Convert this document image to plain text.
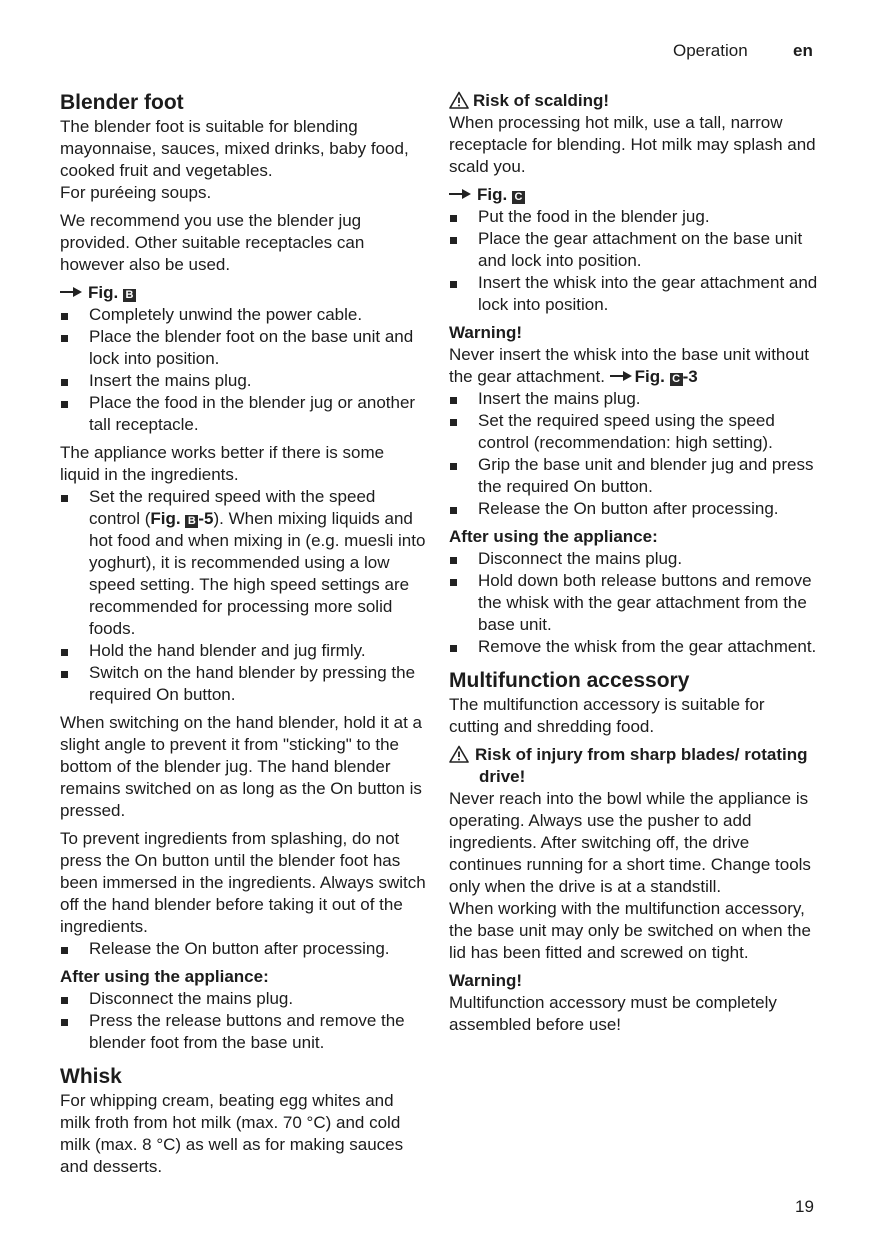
Operation	en
Blender foot

The blender foot is suitable for blending mayonnaise, sauces, mixed drinks, baby food, cooked fruit and vegetables.

For puréeing soups.

We recommend you use the blender jug provided. Other suitable receptacles can however also be used.

Fig. B
Completely unwind the power cable.
Place the blender foot on the base unit and lock into position.
Insert the mains plug.
Place the food in the blender jug or another tall receptacle.

The appliance works better if there is some liquid in the ingredients.

Set the required speed with the speed control (Fig. B -5). When mixing liquids and hot food and when mixing in (e.g. muesli into yoghurt), it is recommended using a low speed setting. The high speed settings are recommended for processing more solid foods.
Hold the hand blender and jug firmly.
Switch on the hand blender by pressing the required On button.

When switching on the hand blender, hold it at a slight angle to prevent it from "sticking" to the bottom of the blender jug. The hand blender remains switched on as long as the On button is pressed.

To prevent ingredients from splashing, do not press the On button until the blender foot has been immersed in the ingredients. Always switch off the hand blender before taking it out of the ingredients.

Release the On button after processing.
After using the appliance:
Disconnect the mains plug.
Press the release buttons and remove the blender foot from the base unit.
Whisk

For whipping cream, beating egg whites and milk froth from hot milk (max. 70 °C) and cold milk (max. 8 °C) as well as for making sauces and desserts.

Risk of scalding!

When processing hot milk, use a tall, narrow receptacle for blending. Hot milk may splash and scald you.

Fig. C
Put the food in the blender jug.
Place the gear attachment on the base unit and lock into position.
Insert the whisk into the gear attachment and lock into position.
Warning!
Never insert the whisk into the base unit without the gear attachment. Fig. C -3
Insert the mains plug.
Set the required speed using the speed control (recommendation: high setting).
Grip the base unit and blender jug and press the required On button.
Release the On button after processing.
After using the appliance:
Disconnect the mains plug.
Hold down both release buttons and remove the whisk with the gear attachment from the base unit.
Remove the whisk from the gear attachment.
Multifunction accessory

The multifunction accessory is suitable for cutting and shredding food.

Risk of injury from sharp blades/ rotating drive!

Never reach into the bowl while the appliance is operating. Always use the pusher to add ingredients. After switching off, the drive continues running for a short time. Change tools only when the drive is at a standstill.

When working with the multifunction accessory, the base unit may only be switched on when the lid has been fitted and screwed on tight.

Warning!

Multifunction accessory must be completely assembled before use!

19
